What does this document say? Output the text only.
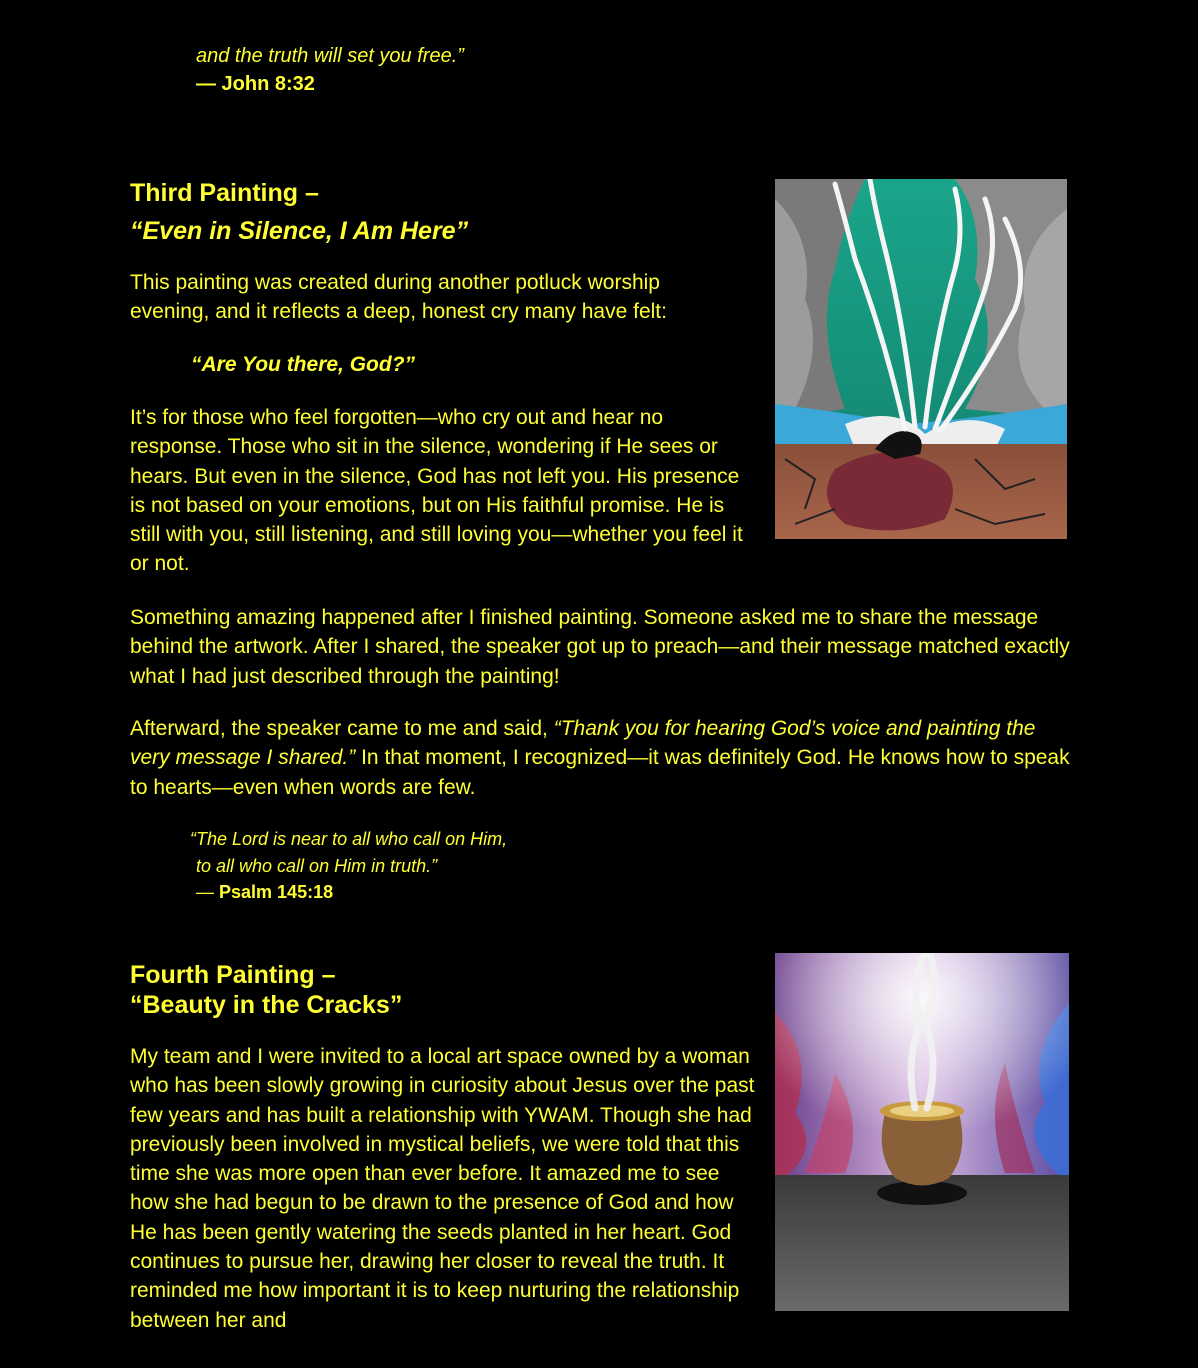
and the truth will set you free.”
— John 8:32
Third Painting –
“Even in Silence, I Am Here”

This painting was created during another potluck worship evening, and it reflects a deep, honest cry many have felt:

“Are You there, God?”

It’s for those who feel forgotten—who cry out and hear no response. Those who sit in the silence, wondering if He sees or hears. But even in the silence, God has not left you. His presence is not based on your emotions, but on His faithful promise. He is still with you, still listening, and still loving you—whether you feel it or not.

Something amazing happened after I finished painting. Someone asked me to share the message behind the artwork. After I shared, the speaker got up to preach—and their message matched exactly what I had just described through the painting!

Afterward, the speaker came to me and said, “Thank you for hearing God’s voice and painting the very message I shared.” In that moment, I recognized—it was definitely God. He knows how to speak to hearts—even when words are few.

“The Lord is near to all who call on Him,
to all who call on Him in truth.”
— Psalm 145:18
Fourth Painting –
“Beauty in the Cracks”

My team and I were invited to a local art space owned by a woman who has been slowly growing in curiosity about Jesus over the past few years and has built a relationship with YWAM. Though she had previously been involved in mystical beliefs, we were told that this time she was more open than ever before. It amazed me to see how she had begun to be drawn to the presence of God and how He has been gently watering the seeds planted in her heart. God continues to pursue her, drawing her closer to reveal the truth. It reminded me how important it is to keep nurturing the relationship between her and
